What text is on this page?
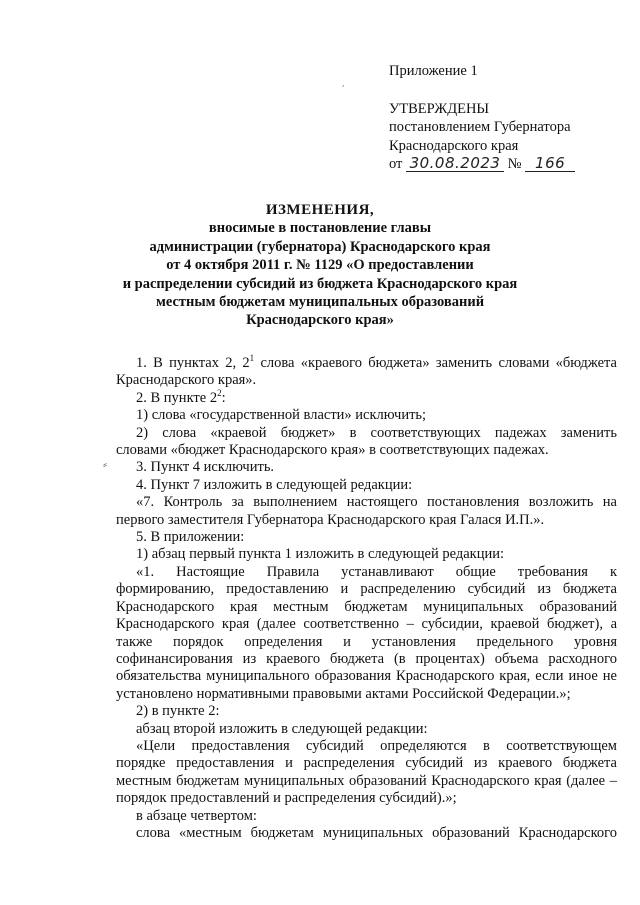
´
Приложение 1
УТВЕРЖДЕНЫ
постановлением Губернатора
Краснодарского края
от 30.08.2023 № 166
ИЗМЕНЕНИЯ,
вносимые в постановление главы
администрации (губернатора) Краснодарского края
от 4 октября 2011 г. № 1129 «О предоставлении
и распределении субсидий из бюджета Краснодарского края
местным бюджетам муниципальных образований
Краснодарского края»
⸗
1. В пунктах 2, $2^1$ слова «краевого бюджета» заменить словами «бюджета
Краснодарского края».
2. В пункте $2^2$:
1) слова «государственной власти» исключить;
2) слова «краевой бюджет» в соответствующих падежах заменить
словами «бюджет Краснодарского края» в соответствующих падежах.
3. Пункт 4 исключить.
4. Пункт 7 изложить в следующей редакции:
«7. Контроль за выполнением настоящего постановления возложить на
первого заместителя Губернатора Краснодарского края Галася И.П.».
5. В приложении:
1) абзац первый пункта 1 изложить в следующей редакции:
«1. Настоящие Правила устанавливают общие требования к
формированию, предоставлению и распределению субсидий из бюджета
Краснодарского края местным бюджетам муниципальных образований
Краснодарского края (далее соответственно – субсидии, краевой бюджет), а
также порядок определения и установления предельного уровня
софинансирования из краевого бюджета (в процентах) объема расходного
обязательства муниципального образования Краснодарского края, если иное не
установлено нормативными правовыми актами Российской Федерации.»;
2) в пункте 2:
абзац второй изложить в следующей редакции:
«Цели предоставления субсидий определяются в соответствующем
порядке предоставления и распределения субсидий из краевого бюджета
местным бюджетам муниципальных образований Краснодарского края (далее –
порядок предоставлений и распределения субсидий).»;
в абзаце четвертом:
слова «местным бюджетам муниципальных образований Краснодарского
